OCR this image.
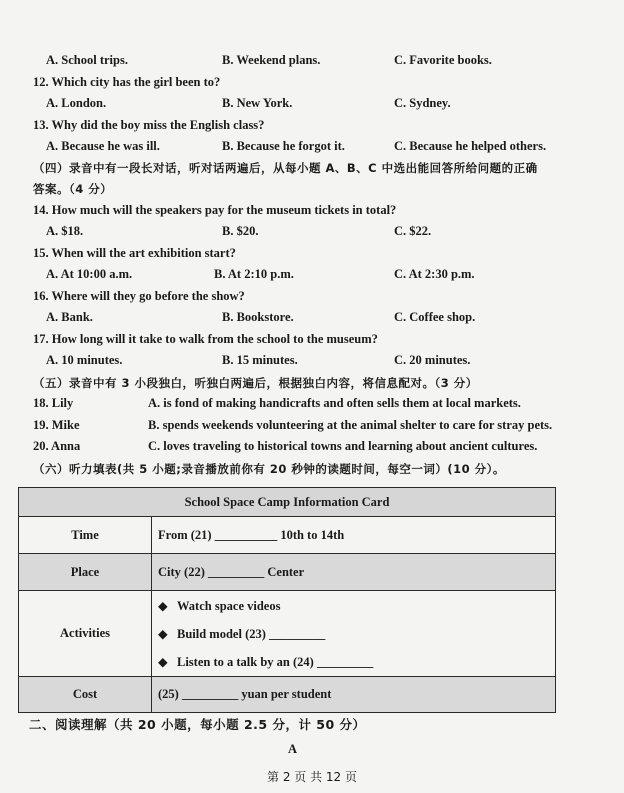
A. School trips.	B. Weekend plans.	C. Favorite books.
12. Which city has the girl been to?
A. London.	B. New York.	C. Sydney.
13. Why did the boy miss the English class?
A. Because he was ill.	B. Because he forgot it.	C. Because he helped others.
（四）录音中有一段长对话，听对话两遍后，从每小题 A、B、C 中选出能回答所给问题的正确
答案。（4 分）
14. How much will the speakers pay for the museum tickets in total?
A. $18.	B. $20.	C. $22.
15. When will the art exhibition start?
A. At 10:00 a.m.	B. At 2:10 p.m.	C. At 2:30 p.m.
16. Where will they go before the show?
A. Bank.	B. Bookstore.	C. Coffee shop.
17. How long will it take to walk from the school to the museum?
A. 10 minutes.	B. 15 minutes.	C. 20 minutes.
（五）录音中有 3 小段独白，听独白两遍后，根据独白内容，将信息配对。（3 分）
18. Lily	A. is fond of making handicrafts and often sells them at local markets.
19. Mike	B. spends weekends volunteering at the animal shelter to care for stray pets.
20. Anna	C. loves traveling to historical towns and learning about ancient cultures.
（六）听力填表(共 5 小题;录音播放前你有 20 秒钟的读题时间，每空一词）(10 分）。
School Space Camp Information Card	
Time	From (21) __________ 10th to 14th
Place	City (22) _________ Center
Activities	◆ Watch space videos
◆ Build model (23) _________
◆ Listen to a talk by an (24) _________

Cost	(25) _________ yuan per student
二、阅读理解（共 20 小题，每小题 2.5 分，计 50 分）
A
第 2 页 共 12 页
